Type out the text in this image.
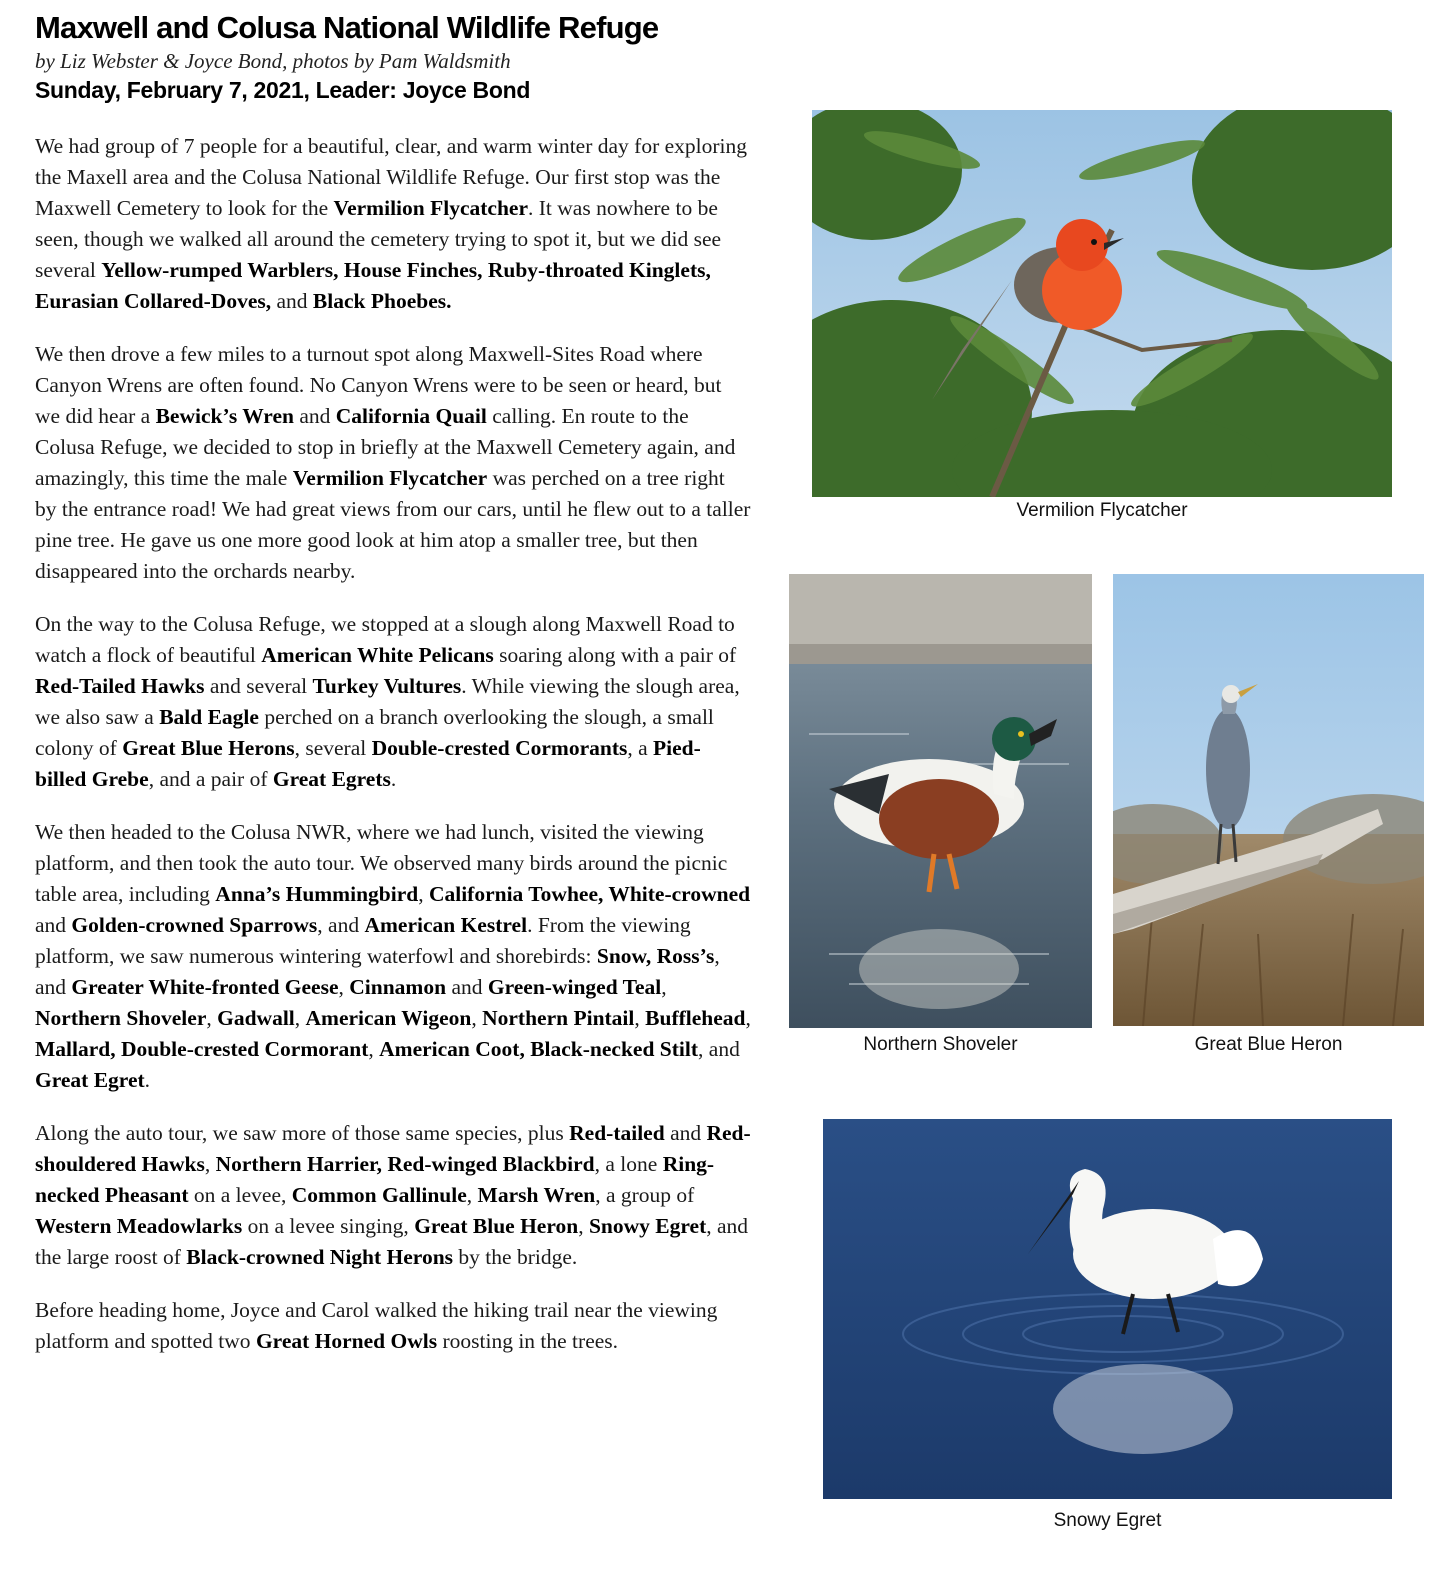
Maxwell and Colusa National Wildlife Refuge
by Liz Webster & Joyce Bond, photos by Pam Waldsmith
Sunday, February 7, 2021, Leader: Joyce Bond

We had group of 7 people for a beautiful, clear, and warm winter day for exploring the Maxell area and the Colusa National Wildlife Refuge. Our first stop was the Maxwell Cemetery to look for the Vermilion Flycatcher. It was nowhere to be seen, though we walked all around the cemetery trying to spot it, but we did see several Yellow-rumped Warblers, House Finches, Ruby-throated Kinglets, Eurasian Collared-Doves, and Black Phoebes.

We then drove a few miles to a turnout spot along Maxwell-Sites Road where Canyon Wrens are often found. No Canyon Wrens were to be seen or heard, but we did hear a Bewick’s Wren and California Quail calling. En route to the Colusa Refuge, we decided to stop in briefly at the Maxwell Cemetery again, and amazingly, this time the male Vermilion Flycatcher was perched on a tree right by the entrance road! We had great views from our cars, until he flew out to a taller pine tree. He gave us one more good look at him atop a smaller tree, but then disappeared into the orchards nearby.

On the way to the Colusa Refuge, we stopped at a slough along Maxwell Road to watch a flock of beautiful American White Pelicans soaring along with a pair of Red-Tailed Hawks and several Turkey Vultures. While viewing the slough area, we also saw a Bald Eagle perched on a branch overlooking the slough, a small colony of Great Blue Herons, several Double-crested Cormorants, a Pied-billed Grebe, and a pair of Great Egrets.

We then headed to the Colusa NWR, where we had lunch, visited the viewing platform, and then took the auto tour. We observed many birds around the picnic table area, including Anna’s Hummingbird, California Towhee, White-crowned and Golden-crowned Sparrows, and American Kestrel. From the viewing platform, we saw numerous wintering waterfowl and shorebirds: Snow, Ross’s, and Greater White-fronted Geese, Cinnamon and Green-winged Teal, Northern Shoveler, Gadwall, American Wigeon, Northern Pintail, Bufflehead, Mallard, Double-crested Cormorant, American Coot, Black-necked Stilt, and Great Egret.

Along the auto tour, we saw more of those same species, plus Red-tailed and Red-shouldered Hawks, Northern Harrier, Red-winged Blackbird, a lone Ring-necked Pheasant on a levee, Common Gallinule, Marsh Wren, a group of Western Meadowlarks on a levee singing, Great Blue Heron, Snowy Egret, and the large roost of Black-crowned Night Herons by the bridge.

Before heading home, Joyce and Carol walked the hiking trail near the viewing platform and spotted two Great Horned Owls roosting in the trees.

Vermilion Flycatcher
Northern Shoveler	Great Blue Heron
Snowy Egret
